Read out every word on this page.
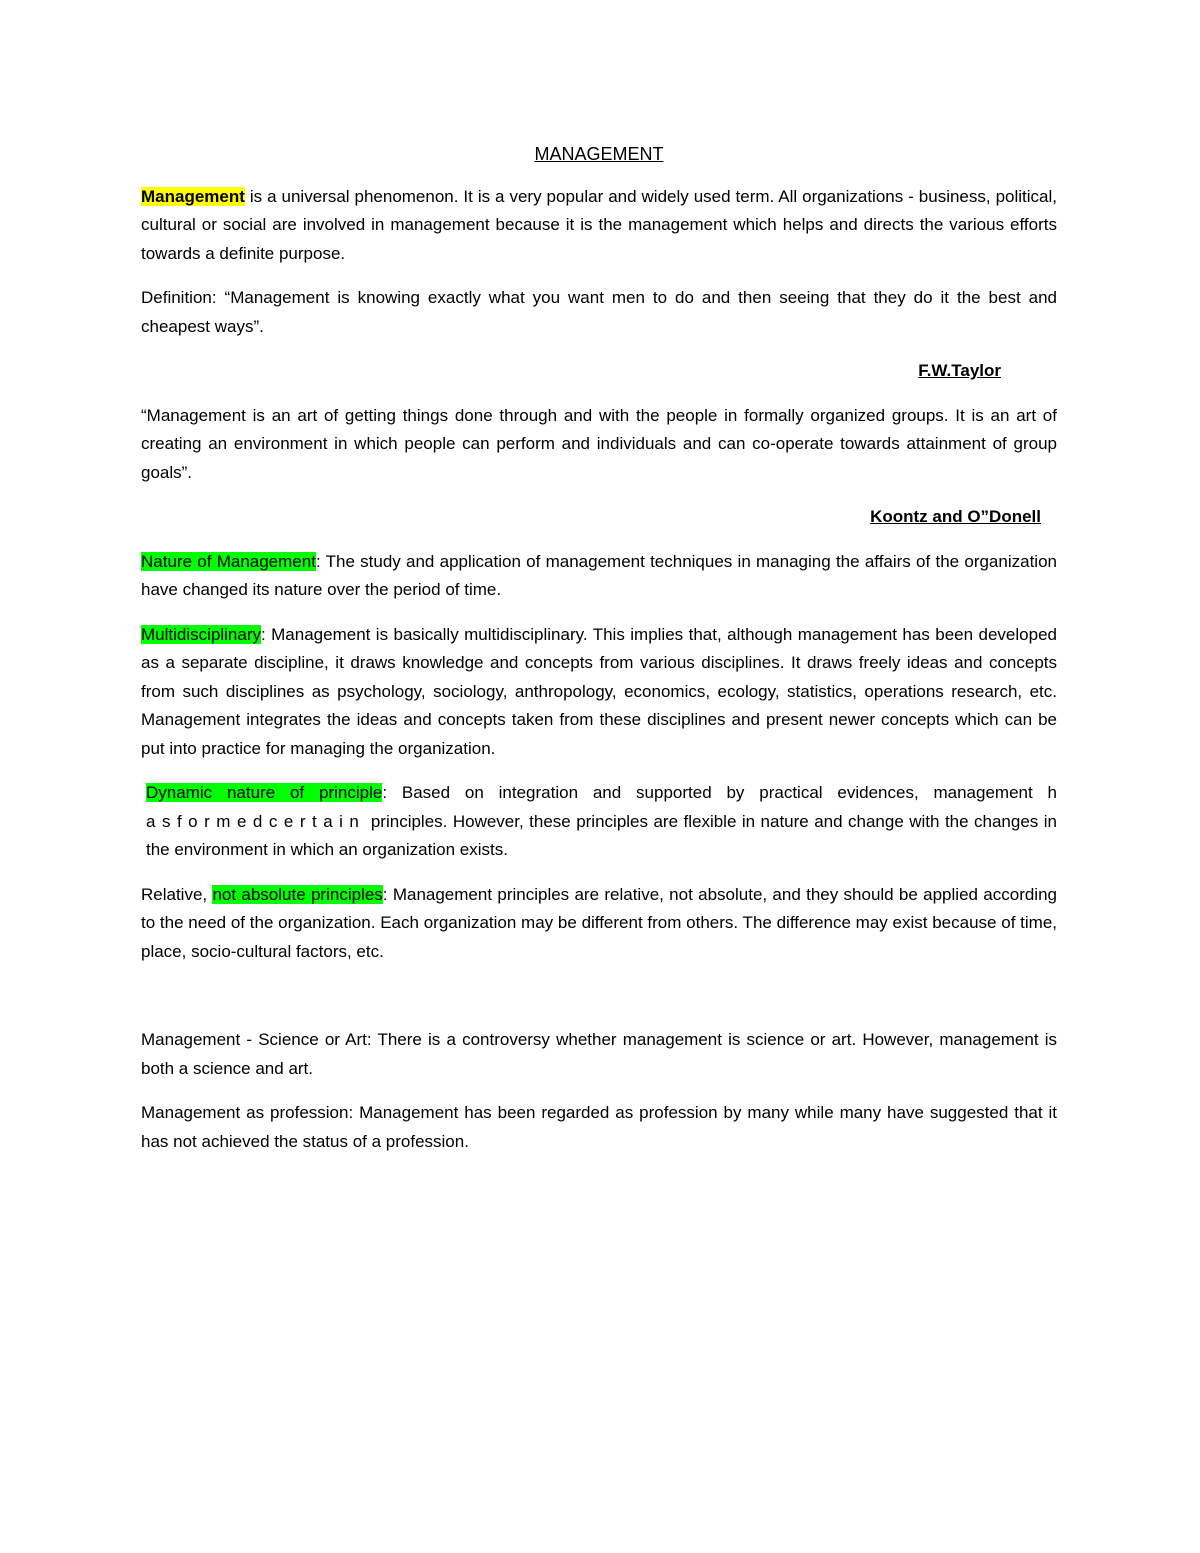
MANAGEMENT

Management is a universal phenomenon. It is a very popular and widely used term. All organizations - business, political, cultural or social are involved in management because it is the management which helps and directs the various efforts towards a definite purpose.

Definition: “Management is knowing exactly what you want men to do and then seeing that they do it the best and cheapest ways”.

F.W.Taylor

“Management is an art of getting things done through and with the people in formally organized groups. It is an art of creating an environment in which people can perform and individuals and can co-operate towards attainment of group goals”.

Koontz and O”Donell

Nature of Management: The study and application of management techniques in managing the affairs of the organization have changed its nature over the period of time.

Multidisciplinary: Management is basically multidisciplinary. This implies that, although management has been developed as a separate discipline, it draws knowledge and concepts from various disciplines. It draws freely ideas and concepts from such disciplines as psychology, sociology, anthropology, economics, ecology, statistics, operations research, etc. Management integrates the ideas and concepts taken from these disciplines and present newer concepts which can be put into practice for managing the organization.

Dynamic nature of principle: Based on integration and supported by practical evidences, management h asformedcertain principles. However, these principles are flexible in nature and change with the changes in the environment in which an organization exists.

Relative, not absolute principles: Management principles are relative, not absolute, and they should be applied according to the need of the organization. Each organization may be different from others. The difference may exist because of time, place, socio-cultural factors, etc.

Management - Science or Art: There is a controversy whether management is science or art. However, management is both a science and art.

Management as profession: Management has been regarded as profession by many while many have suggested that it has not achieved the status of a profession.
